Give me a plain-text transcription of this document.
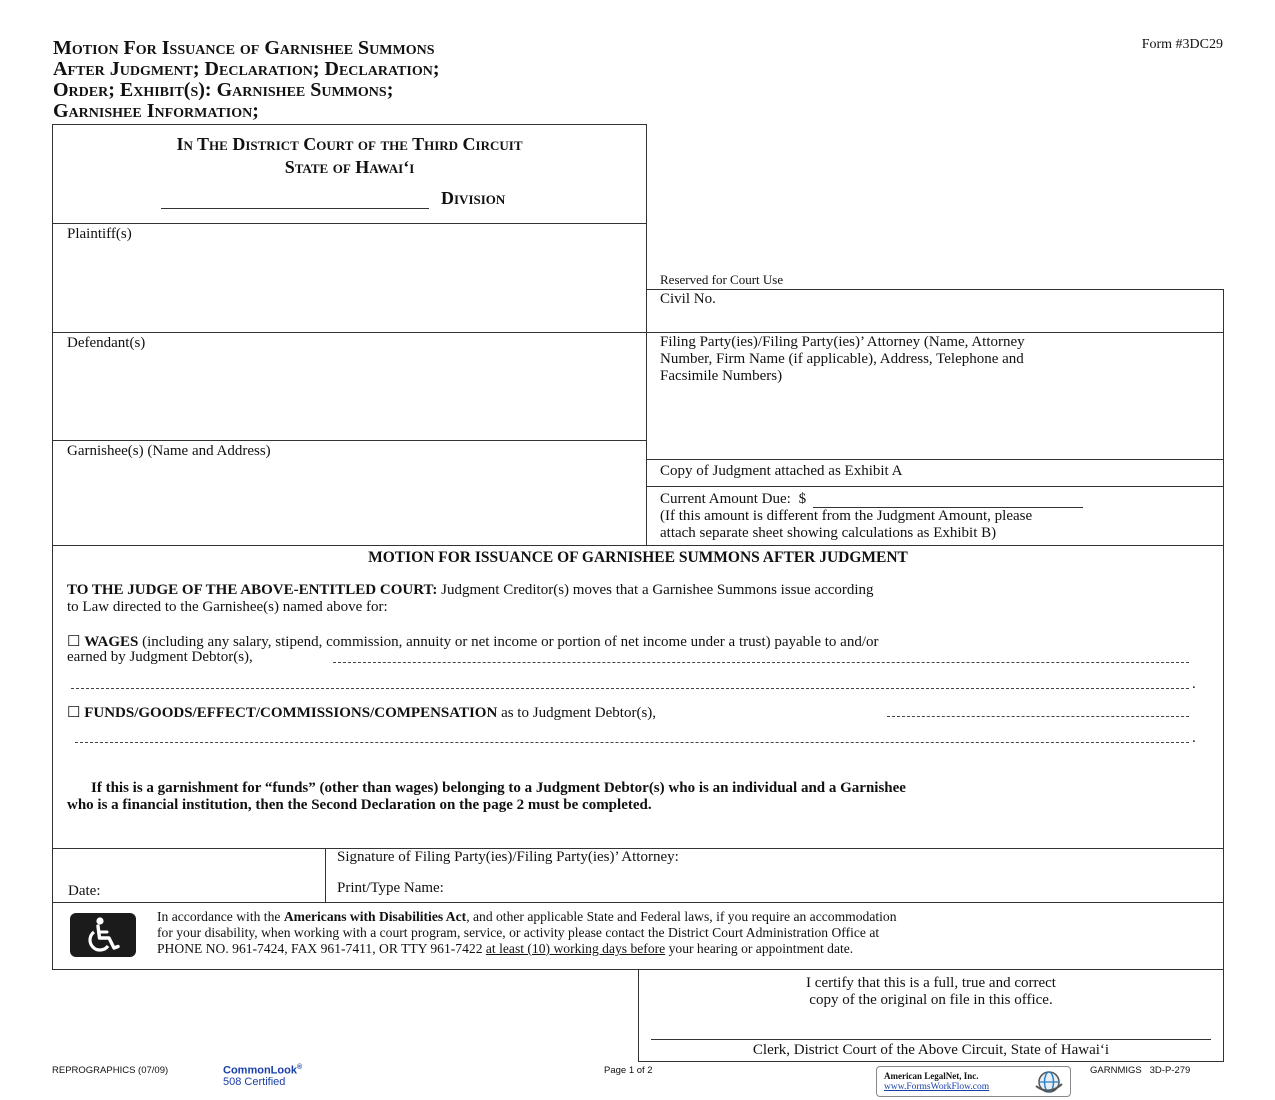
Motion For Issuance of Garnishee Summons
After Judgment; Declaration; Declaration;
Order; Exhibit(s): Garnishee Summons;
Garnishee Information;
Form #3DC29
In The District Court of the Third Circuit
State of Hawai‘i
Division
Plaintiff(s)
Defendant(s)
Garnishee(s) (Name and Address)
Reserved for Court Use
Civil No.
Filing Party(ies)/Filing Party(ies)’ Attorney (Name, Attorney
Number, Firm Name (if applicable), Address, Telephone and
Facsimile Numbers)
Copy of Judgment attached as Exhibit A
Current Amount Due: $
(If this amount is different from the Judgment Amount, please
attach separate sheet showing calculations as Exhibit B)
MOTION FOR ISSUANCE OF GARNISHEE SUMMONS AFTER JUDGMENT
TO THE JUDGE OF THE ABOVE-ENTITLED COURT: Judgment Creditor(s) moves that a Garnishee Summons issue according
to Law directed to the Garnishee(s) named above for:
☐ WAGES (including any salary, stipend, commission, annuity or net income or portion of net income under a trust) payable to and/or
earned by Judgment Debtor(s),
.
☐ FUNDS/GOODS/EFFECT/COMMISSIONS/COMPENSATION as to Judgment Debtor(s),
.
If this is a garnishment for “funds” (other than wages) belonging to a Judgment Debtor(s) who is an individual and a Garnishee
who is a financial institution, then the Second Declaration on the page 2 must be completed.
Date:
Signature of Filing Party(ies)/Filing Party(ies)’ Attorney:
Print/Type Name:
In accordance with the Americans with Disabilities Act, and other applicable State and Federal laws, if you require an accommodation
for your disability, when working with a court program, service, or activity please contact the District Court Administration Office at
PHONE NO. 961-7424, FAX 961-7411, OR TTY 961-7422 at least (10) working days before your hearing or appointment date.
I certify that this is a full, true and correct
copy of the original on file in this office.
Clerk, District Court of the Above Circuit, State of Hawai‘i
REPROGRAPHICS (07/09)	CommonLook®
508 Certified
Page 1 of 2	American LegalNet, Inc.
www.FormsWorkFlow.com
GARNMIGS   3D-P-279
